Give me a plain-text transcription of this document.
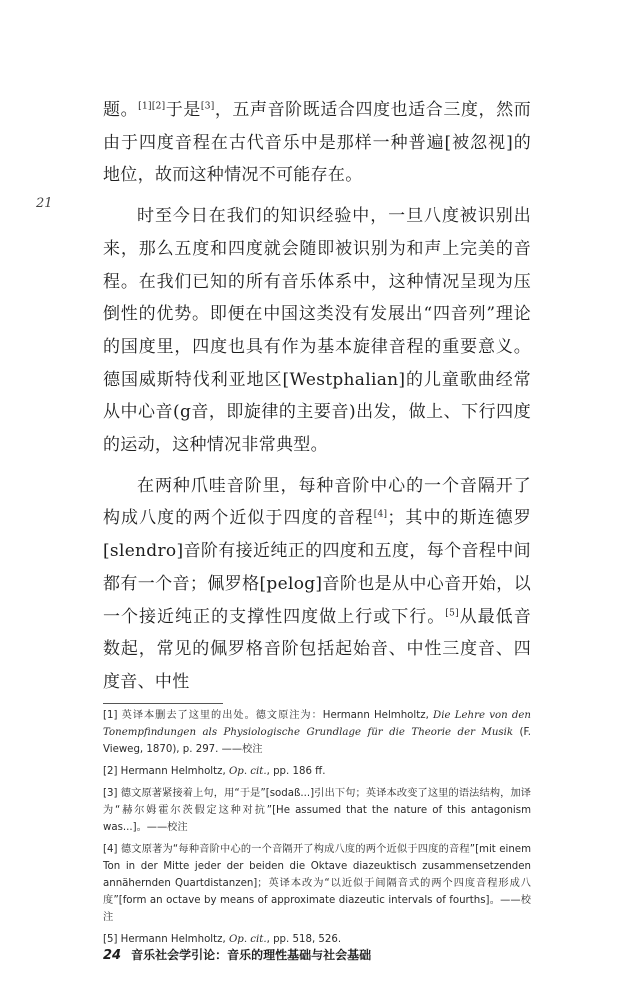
21

题。[1][2]于是[3]，五声音阶既适合四度也适合三度，然而由于四度音程在古代音乐中是那样一种普遍[被忽视]的地位，故而这种情况不可能存在。

时至今日在我们的知识经验中，一旦八度被识别出来，那么五度和四度就会随即被识别为和声上完美的音程。在我们已知的所有音乐体系中，这种情况呈现为压倒性的优势。即便在中国这类没有发展出“四音列”理论的国度里，四度也具有作为基本旋律音程的重要意义。德国威斯特伐利亚地区[Westphalian]的儿童歌曲经常从中心音(g音，即旋律的主要音)出发，做上、下行四度的运动，这种情况非常典型。

在两种爪哇音阶里，每种音阶中心的一个音隔开了构成八度的两个近似于四度的音程[4]；其中的斯连德罗[slendro]音阶有接近纯正的四度和五度，每个音程中间都有一个音；佩罗格[pelog]音阶也是从中心音开始，以一个接近纯正的支撑性四度做上行或下行。[5]从最低音数起，常见的佩罗格音阶包括起始音、中性三度音、四度音、中性

[1] 英译本删去了这里的出处。德文原注为：Hermann Helmholtz, Die Lehre von den Tonempfindungen als Physiologische Grundlage für die Theorie der Musik (F. Vieweg, 1870), p. 297. ——校注
[2] Hermann Helmholtz, Op. cit., pp. 186 ff.
[3] 德文原著紧接着上句，用“于是”[sodaß...]引出下句；英译本改变了这里的语法结构，加译为“赫尔姆霍尔茨假定这种对抗”[He assumed that the nature of this antagonism was...]。——校注
[4] 德文原著为“每种音阶中心的一个音隔开了构成八度的两个近似于四度的音程”[mit einem Ton in der Mitte jeder der beiden die Oktave diazeuktisch zusammensetzenden annähernden Quartdistanzen]；英译本改为“以近似于间隔音式的两个四度音程形成八度”[form an octave by means of approximate diazeutic intervals of fourths]。——校注
[5] Hermann Helmholtz, Op. cit., pp. 518, 526.
24 音乐社会学引论：音乐的理性基础与社会基础
